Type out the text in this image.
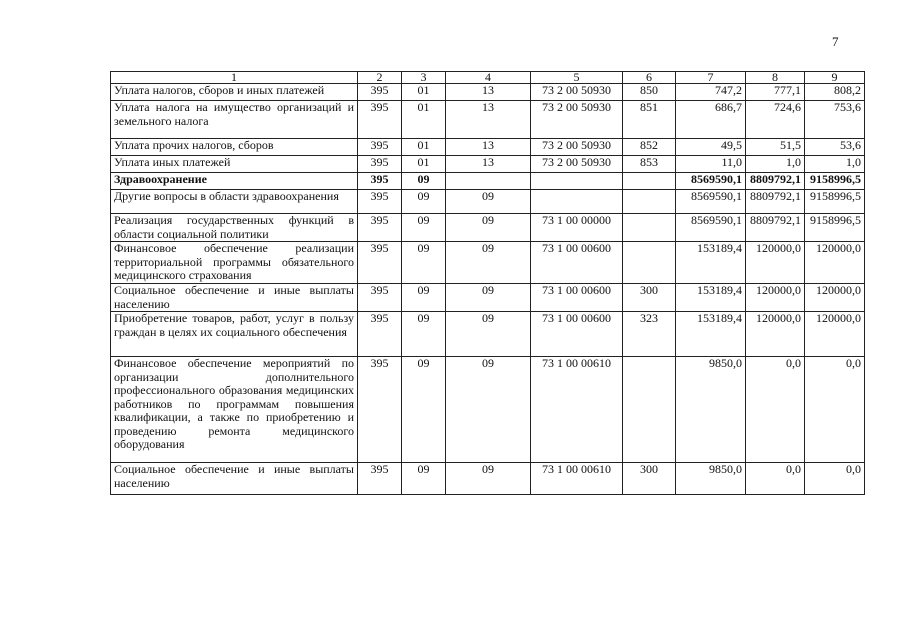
7
1	2	3	4	5	6	7	8	9
Уплата налогов, сборов и иных платежей	395	01	13	73 2 00 50930	850	747,2	777,1	808,2
Уплата налога на имущество организаций и земельного налога	395	01	13	73 2 00 50930	851	686,7	724,6	753,6
Уплата прочих налогов, сборов	395	01	13	73 2 00 50930	852	49,5	51,5	53,6
Уплата иных платежей	395	01	13	73 2 00 50930	853	11,0	1,0	1,0
Здравоохранение	395	09				8569590,1	8809792,1	9158996,5
Другие вопросы в области здравоохранения	395	09	09			8569590,1	8809792,1	9158996,5
Реализация государственных функций в области социальной политики	395	09	09	73 1 00 00000		8569590,1	8809792,1	9158996,5
Финансовое обеспечение реализации территориальной программы обязательного медицинского страхования	395	09	09	73 1 00 00600		153189,4	120000,0	120000,0
Социальное обеспечение и иные выплаты населению	395	09	09	73 1 00 00600	300	153189,4	120000,0	120000,0
Приобретение товаров, работ, услуг в пользу граждан в целях их социального обеспечения	395	09	09	73 1 00 00600	323	153189,4	120000,0	120000,0
Финансовое обеспечение мероприятий по организации дополнительного профессионального образования медицинских работников по программам повышения квалификации, а также по приобретению и проведению ремонта медицинского оборудования	395	09	09	73 1 00 00610		9850,0	0,0	0,0
Социальное обеспечение и иные выплаты населению	395	09	09	73 1 00 00610	300	9850,0	0,0	0,0
